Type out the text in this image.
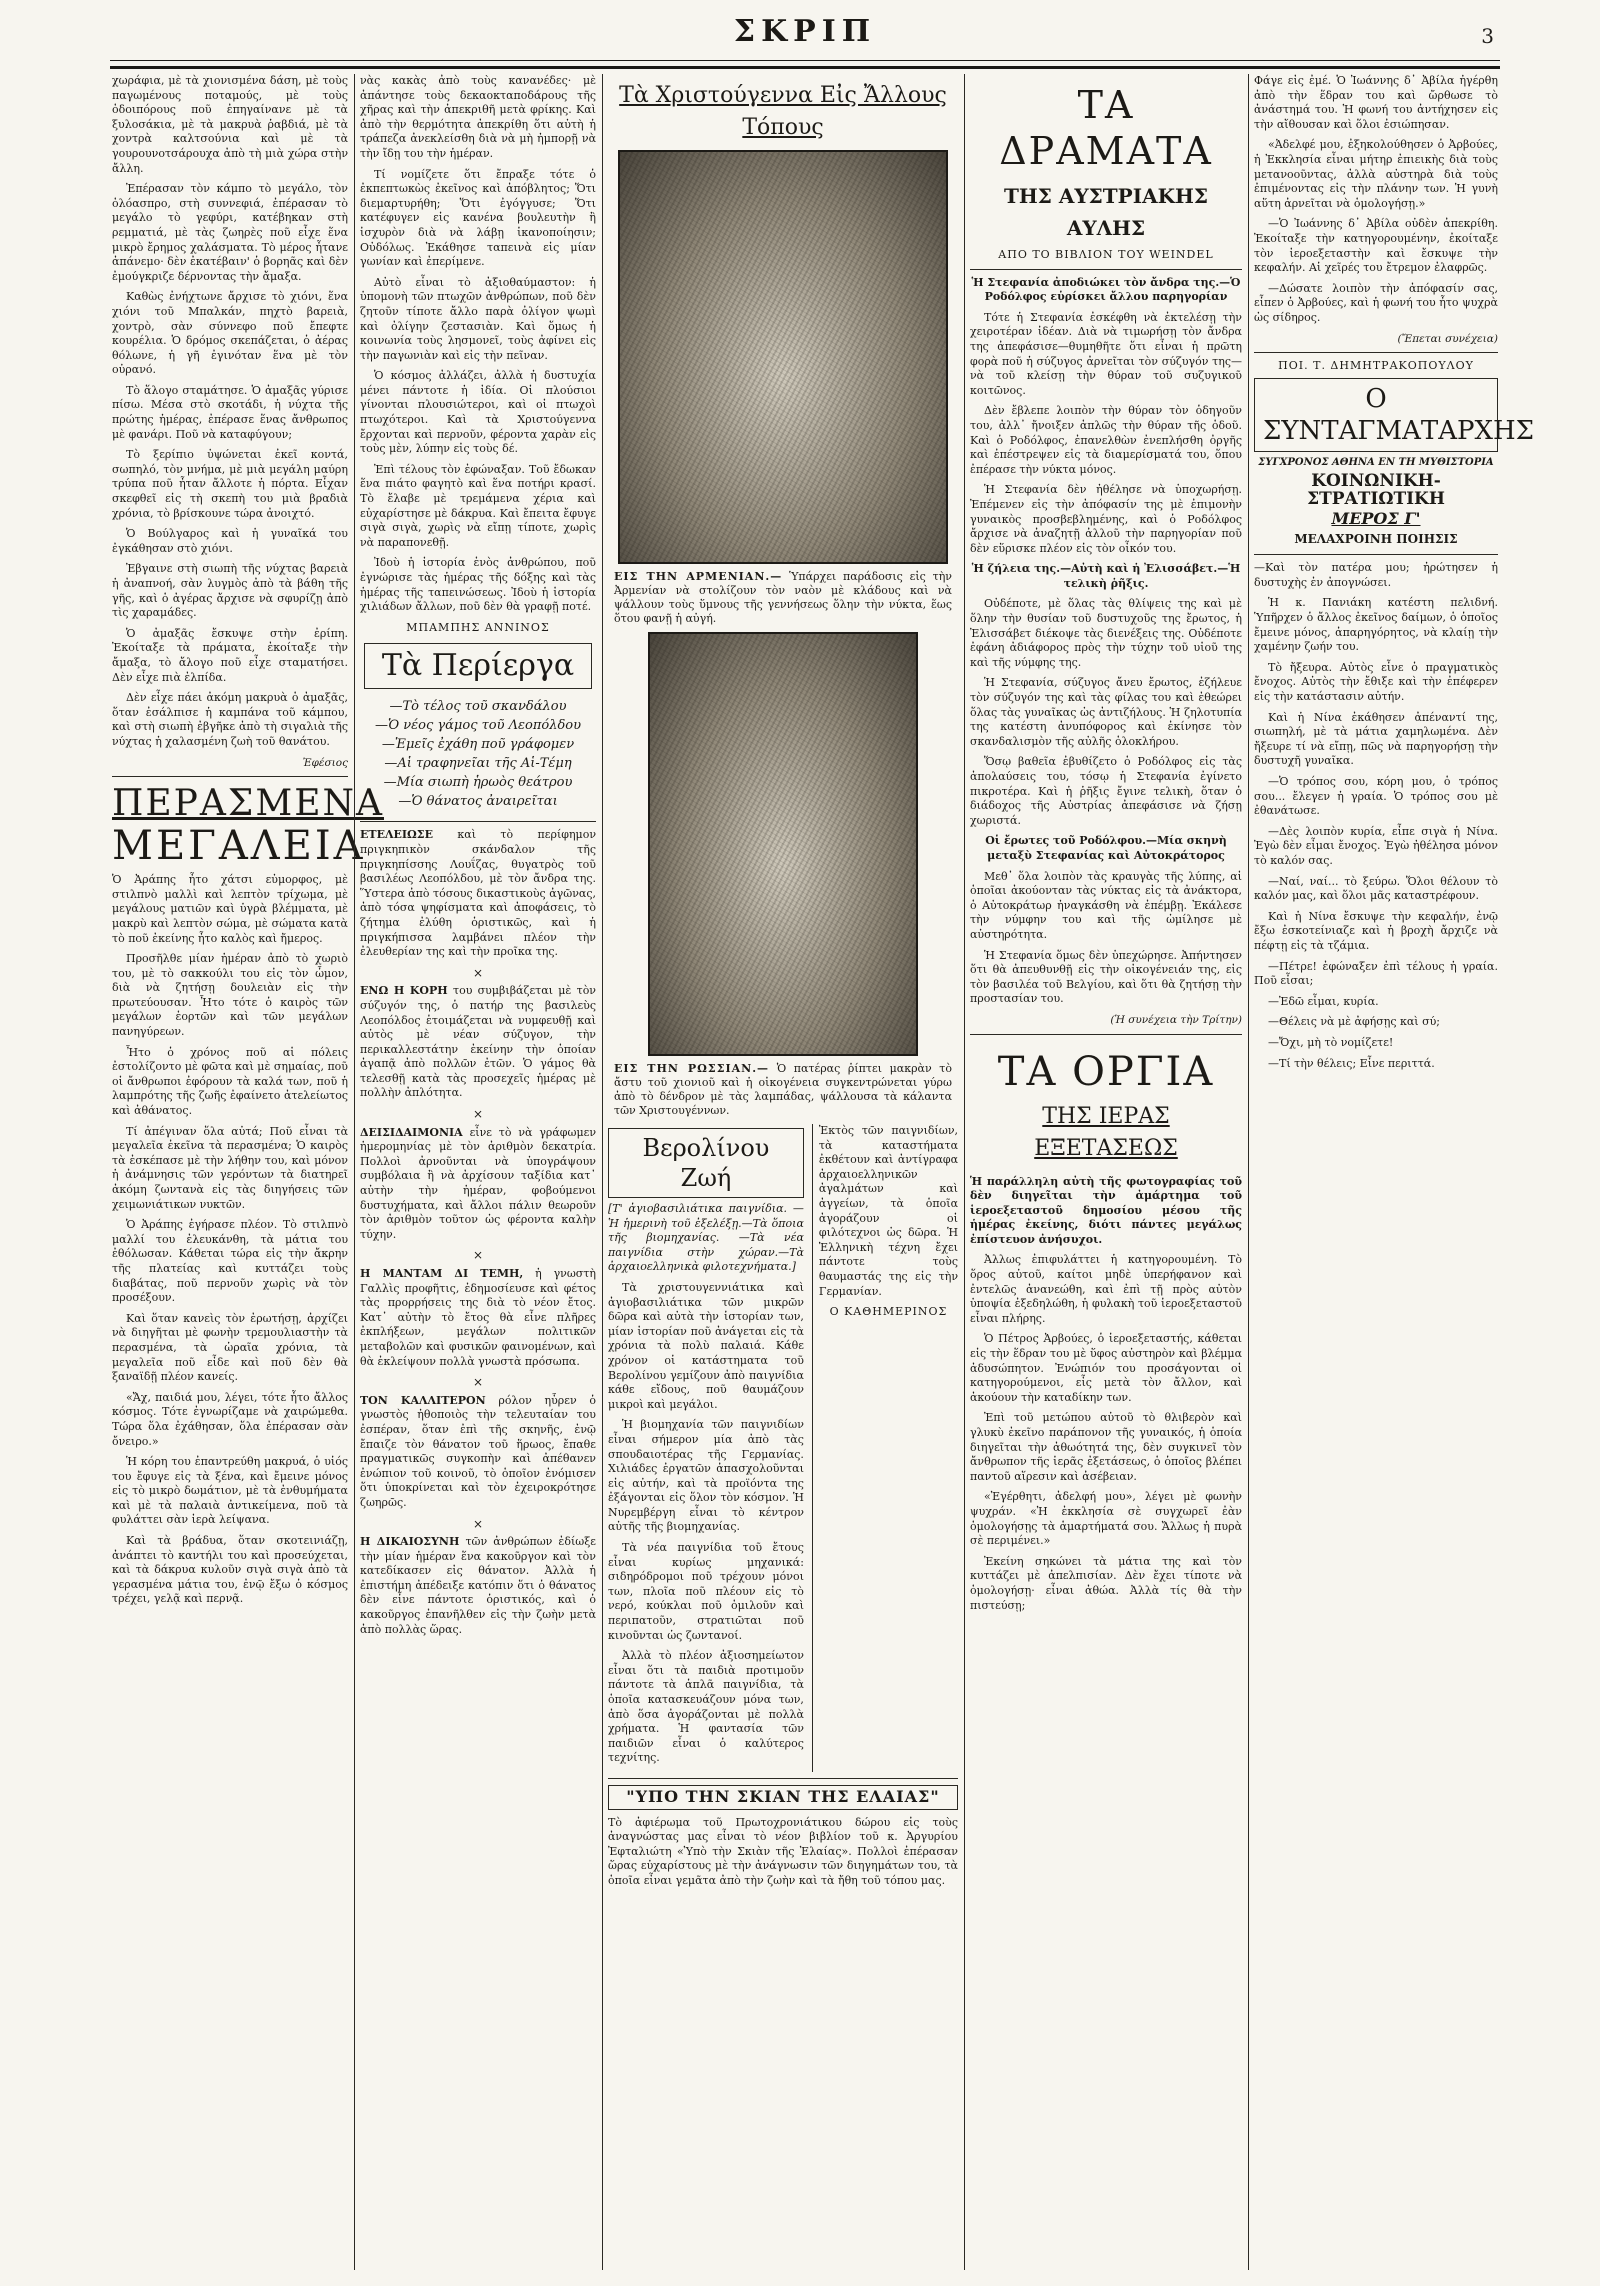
ΣΚΡΙΠ	3

χωράφια, μὲ τὰ χιονισμένα δάση, μὲ τοὺς παγωμένους ποταμούς, μὲ τοὺς ὁδοιπόρους ποῦ ἐπηγαίνανε μὲ τὰ ξυλοσάκια, μὲ τὰ μακρυὰ ῥαβδιά, μὲ τὰ χοντρὰ καλτσούνια καὶ μὲ τὰ γουρουνοτσάρουχα ἀπὸ τὴ μιὰ χώρα στὴν ἄλλη.

Ἐπέρασαν τὸν κάμπο τὸ μεγάλο, τὸν ὁλόασπρο, στὴ συννεφιά, ἐπέρασαν τὸ μεγάλο τὸ γεφύρι, κατέβηκαν στὴ ρεμματιά, μὲ τὰς ζωηρὲς ποῦ εἶχε ἕνα μικρὸ ἔρημος χαλάσματα. Τὸ μέρος ἦτανε ἀπάνεμο· δὲν ἐκατέβαιν' ὁ βορηᾶς καὶ δὲν ἐμούγκριζε δέρνοντας τὴν ἄμαξα.

Καθὼς ἐνήχτωνε ἄρχισε τὸ χιόνι, ἕνα χιόνι τοῦ Μπαλκάν, πηχτὸ βαρειὰ, χοντρὸ, σὰν σύννεφο ποῦ ἔπεφτε κουρέλια. Ὁ δρόμος σκεπάζεται, ὁ ἀέρας θόλωνε, ἡ γῆ ἐγινόταν ἕνα μὲ τὸν οὐρανό.

Τὸ ἅλογο σταμάτησε. Ὁ ἀμαξᾶς γύρισε πίσω. Μέσα στὸ σκοτάδι, ἡ νύχτα τῆς πρώτης ἡμέρας, ἐπέρασε ἕνας ἄνθρωπος μὲ φανάρι. Ποῦ νὰ καταφύγουν;

Τὸ ξερίπιο ὑψώνεται ἐκεῖ κοντά, σωπηλό, τὸν μνήμα, μὲ μιὰ μεγάλη μαύρη τρύπα ποῦ ἦταν ἄλλοτε ἡ πόρτα. Εἶχαν σκεφθεῖ εἰς τὴ σκεπὴ του μιὰ βραδιὰ χρόνια, τὸ βρίσκουνε τώρα ἀνοιχτό.

Ὁ Βούλγαρος καὶ ἡ γυναῖκά του ἐγκάθησαν στὸ χιόνι.

Ἐβγαινε στὴ σιωπὴ τῆς νύχτας βαρειὰ ἡ ἀναπνοή, σὰν λυγμὸς ἀπὸ τὰ βάθη τῆς γῆς, καὶ ὁ ἀγέρας ἄρχισε νὰ σφυρίζῃ ἀπὸ τὶς χαραμάδες.

Ὁ ἀμαξᾶς ἔσκυψε στὴν ἐρίπη. Ἐκοίταξε τὰ πράματα, ἐκοίταξε τὴν ἄμαξα, τὸ ἄλογο ποῦ εἶχε σταματήσει. Δὲν εἶχε πιὰ ἐλπίδα.

Δὲν εἶχε πάει ἀκόμη μακρυὰ ὁ ἀμαξᾶς, ὅταν ἐσάλπισε ἡ καμπάνα τοῦ κάμπου, καὶ στὴ σιωπὴ ἐβγῆκε ἀπὸ τὴ σιγαλιὰ τῆς νύχτας ἡ χαλασμένη ζωὴ τοῦ θανάτου.

Ἐφέσιος
ΠΕΡΑΣΜΕΝΑ
ΜΕΓΑΛΕΙΑ

Ὁ Ἀράπης ἦτο χάτσι εὐμορφος, μὲ στιλπνὸ μαλλὶ καὶ λεπτὸν τρίχωμα, μὲ μεγάλους ματιῶν καὶ ὑγρὰ βλέμματα, μὲ μακρὺ καὶ λεπτὸν σώμα, μὲ σώματα κατὰ τὸ ποῦ ἐκείνης ἦτο καλὸς καὶ ἤμερος.

Προσῆλθε μίαν ἡμέραν ἀπὸ τὸ χωριὸ του, μὲ τὸ σακκούλι του εἰς τὸν ὦμον, διὰ νὰ ζητήσῃ δουλειὰν εἰς τὴν πρωτεύουσαν. Ἦτο τότε ὁ καιρὸς τῶν μεγάλων ἑορτῶν καὶ τῶν μεγάλων πανηγύρεων.

Ἦτο ὁ χρόνος ποῦ αἱ πόλεις ἐστολίζοντο μὲ φῶτα καὶ μὲ σημαίας, ποῦ οἱ ἄνθρωποι ἐφόρουν τὰ καλά των, ποῦ ἡ λαμπρότης τῆς ζωῆς ἐφαίνετο ἀτελείωτος καὶ ἀθάνατος.

Τί ἀπέγιναν ὅλα αὐτά; Ποῦ εἶναι τὰ μεγαλεῖα ἐκεῖνα τὰ περασμένα; Ὁ καιρὸς τὰ ἐσκέπασε μὲ τὴν λήθην του, καὶ μόνον ἡ ἀνάμνησις τῶν γερόντων τὰ διατηρεῖ ἀκόμη ζωντανὰ εἰς τὰς διηγήσεις τῶν χειμωνιάτικων νυκτῶν.

Ὁ Ἀράπης ἐγήρασε πλέον. Τὸ στιλπνὸ μαλλί του ἐλευκάνθη, τὰ μάτια του ἐθόλωσαν. Κάθεται τώρα εἰς τὴν ἄκρην τῆς πλατείας καὶ κυττάζει τοὺς διαβάτας, ποῦ περνοῦν χωρὶς νὰ τὸν προσέξουν.

Καὶ ὅταν κανεὶς τὸν ἐρωτήσῃ, ἀρχίζει νὰ διηγῆται μὲ φωνὴν τρεμουλιαστὴν τὰ περασμένα, τὰ ὡραῖα χρόνια, τὰ μεγαλεῖα ποῦ εἶδε καὶ ποῦ δὲν θὰ ξαναϊδῇ πλέον κανείς.

«Ἄχ, παιδιά μου, λέγει, τότε ἦτο ἄλλος κόσμος. Τότε ἐγνωρίζαμε νὰ χαιρώμεθα. Τώρα ὅλα ἐχάθησαν, ὅλα ἐπέρασαν σὰν ὄνειρο.»

Ἡ κόρη του ἐπαντρεύθη μακρυά, ὁ υἱός του ἔφυγε εἰς τὰ ξένα, καὶ ἔμεινε μόνος εἰς τὸ μικρὸ δωμάτιον, μὲ τὰ ἐνθυμήματα καὶ μὲ τὰ παλαιὰ ἀντικείμενα, ποῦ τὰ φυλάττει σὰν ἱερὰ λείψανα.

Καὶ τὰ βράδυα, ὅταν σκοτεινιάζῃ, ἀνάπτει τὸ καντήλι του καὶ προσεύχεται, καὶ τὰ δάκρυα κυλοῦν σιγὰ σιγὰ ἀπὸ τὰ γερασμένα μάτια του, ἐνῷ ἔξω ὁ κόσμος τρέχει, γελᾷ καὶ περνᾷ.

νὰς κακὰς ἀπὸ τοὺς κανανέδες· μὲ ἀπάντησε τοὺς δεκαοκταποδάρους τῆς χῆρας καὶ τὴν ἀπεκριθῆ μετὰ φρίκης. Καὶ ἀπὸ τὴν θερμότητα ἀπεκρίθη ὅτι αὐτὴ ἡ τράπεζα ἀνεκλείσθη διὰ νὰ μὴ ἠμπορῇ νὰ τὴν ἴδῃ του τὴν ἡμέραν.

Τί νομίζετε ὅτι ἔπραξε τότε ὁ ἐκπεπτωκὼς ἐκεῖνος καὶ ἀπόβλητος; Ὅτι διεμαρτυρήθη; Ὅτι ἐγόγγυσε; Ὅτι κατέφυγεν εἰς κανένα βουλευτὴν ἢ ἰσχυρὸν διὰ νὰ λάβῃ ἱκανοποίησιν; Οὐδόλως. Ἐκάθησε ταπεινὰ εἰς μίαν γωνίαν καὶ ἐπερίμενε.

Αὐτὸ εἶναι τὸ ἀξιοθαύμαστον: ἡ ὑπομονὴ τῶν πτωχῶν ἀνθρώπων, ποῦ δὲν ζητοῦν τίποτε ἄλλο παρὰ ὀλίγον ψωμὶ καὶ ὀλίγην ζεστασιὰν. Καὶ ὅμως ἡ κοινωνία τοὺς λησμονεῖ, τοὺς ἀφίνει εἰς τὴν παγωνιὰν καὶ εἰς τὴν πεῖναν.

Ὁ κόσμος ἀλλάζει, ἀλλὰ ἡ δυστυχία μένει πάντοτε ἡ ἰδία. Οἱ πλούσιοι γίνονται πλουσιώτεροι, καὶ οἱ πτωχοὶ πτωχότεροι. Καὶ τὰ Χριστούγεννα ἔρχονται καὶ περνοῦν, φέροντα χαρὰν εἰς τοὺς μὲν, λύπην εἰς τοὺς δέ.

Ἐπὶ τέλους τὸν ἐφώναξαν. Τοῦ ἔδωκαν ἕνα πιάτο φαγητὸ καὶ ἕνα ποτήρι κρασί. Τὸ ἔλαβε μὲ τρεμάμενα χέρια καὶ εὐχαρίστησε μὲ δάκρυα. Καὶ ἔπειτα ἔφυγε σιγὰ σιγὰ, χωρὶς νὰ εἴπῃ τίποτε, χωρὶς νὰ παραπονεθῇ.

Ἰδοὺ ἡ ἱστορία ἑνὸς ἀνθρώπου, ποῦ ἐγνώρισε τὰς ἡμέρας τῆς δόξης καὶ τὰς ἡμέρας τῆς ταπεινώσεως. Ἰδοὺ ἡ ἱστορία χιλιάδων ἄλλων, ποῦ δὲν θὰ γραφῇ ποτέ.

ΜΠΑΜΠΗΣ ΑΝΝΙΝΟΣ
Τὰ Περίεργα
—Τὸ τέλος τοῦ σκανδάλου
—Ὁ νέος γάμος τοῦ Λεοπόλδου
—Ἐμεῖς ἐχάθη ποῦ γράφομεν
—Αἱ τραφηνεῖαι τῆς Αἱ-Τέμη
—Μία σιωπὴ ἡρωὸς θεάτρου
—Ὁ θάνατος ἀναιρεῖται

ΕΤΕΛΕΙΩΣΕ καὶ τὸ περίφημον πριγκηπικὸν σκάνδαλον τῆς πριγκηπίσσης Λουΐζας, θυγατρὸς τοῦ βασιλέως Λεοπόλδου, μὲ τὸν ἄνδρα της. Ὕστερα ἀπὸ τόσους δικαστικοὺς ἀγῶνας, ἀπὸ τόσα ψηφίσματα καὶ ἀποφάσεις, τὸ ζήτημα ἐλύθη ὁριστικῶς, καὶ ἡ πριγκήπισσα λαμβάνει πλέον τὴν ἐλευθερίαν της καὶ τὴν προῖκα της.

×

ΕΝΩ Η ΚΟΡΗ του συμβιβάζεται μὲ τὸν σύζυγόν της, ὁ πατήρ της βασιλεὺς Λεοπόλδος ἑτοιμάζεται νὰ νυμφευθῇ καὶ αὐτὸς μὲ νέαν σύζυγον, τὴν περικαλλεστάτην ἐκείνην τὴν ὁποίαν ἀγαπᾷ ἀπὸ πολλῶν ἐτῶν. Ὁ γάμος θὰ τελεσθῇ κατὰ τὰς προσεχεῖς ἡμέρας μὲ πολλὴν ἀπλότητα.

×

ΔΕΙΣΙΔΑΙΜΟΝΙΑ εἶνε τὸ νὰ γράφωμεν ἡμερομηνίας μὲ τὸν ἀριθμὸν δεκατρία. Πολλοὶ ἀρνοῦνται νὰ ὑπογράψουν συμβόλαια ἢ νὰ ἀρχίσουν ταξίδια κατ᾽ αὐτὴν τὴν ἡμέραν, φοβούμενοι δυστυχήματα, καὶ ἄλλοι πάλιν θεωροῦν τὸν ἀριθμὸν τοῦτον ὡς φέροντα καλὴν τύχην.

×

Η ΜΑΝΤΑΜ ΔΙ ΤΕΜΗ, ἡ γνωστὴ Γαλλὶς προφῆτις, ἐδημοσίευσε καὶ φέτος τὰς προρρήσεις της διὰ τὸ νέον ἔτος. Κατ᾽ αὐτὴν τὸ ἔτος θὰ εἶνε πλῆρες ἐκπλήξεων, μεγάλων πολιτικῶν μεταβολῶν καὶ φυσικῶν φαινομένων, καὶ θὰ ἐκλείψουν πολλὰ γνωστὰ πρόσωπα.

×

ΤΟΝ ΚΑΛΛΙΤΕΡΟΝ ρόλον ηὗρεν ὁ γνωστὸς ἠθοποιὸς τὴν τελευταίαν του ἐσπέραν, ὅταν ἐπὶ τῆς σκηνῆς, ἐνῷ ἔπαιζε τὸν θάνατον τοῦ ἥρωος, ἔπαθε πραγματικῶς συγκοπὴν καὶ ἀπέθανεν ἐνώπιον τοῦ κοινοῦ, τὸ ὁποῖον ἐνόμισεν ὅτι ὑποκρίνεται καὶ τὸν ἐχειροκρότησε ζωηρῶς.

×

Η ΔΙΚΑΙΟΣΥΝΗ τῶν ἀνθρώπων ἐδίωξε τὴν μίαν ἡμέραν ἕνα κακοῦργον καὶ τὸν κατεδίκασεν εἰς θάνατον. Ἀλλὰ ἡ ἐπιστήμη ἀπέδειξε κατόπιν ὅτι ὁ θάνατος δὲν εἶνε πάντοτε ὁριστικός, καὶ ὁ κακοῦργος ἐπανῆλθεν εἰς τὴν ζωὴν μετὰ ἀπὸ πολλὰς ὥρας.

Τὰ Χριστούγεννα Εἰς Ἄλλους Τόπους
ΕΙΣ ΤΗΝ ΑΡΜΕΝΙΑΝ.— Ὑπάρχει παράδοσις εἰς τὴν Ἀρμενίαν νὰ στολίζουν τὸν ναὸν μὲ κλάδους καὶ νὰ ψάλλουν τοὺς ὕμνους τῆς γεννήσεως ὅλην τὴν νύκτα, ἕως ὅτου φανῇ ἡ αὐγή.
ΕΙΣ ΤΗΝ ΡΩΣΣΙΑΝ.— Ὁ πατέρας ῥίπτει μακρὰν τὸ ἄστυ τοῦ χιονιοῦ καὶ ἡ οἰκογένεια συγκεντρώνεται γύρω ἀπὸ τὸ δένδρον μὲ τὰς λαμπάδας, ψάλλουσα τὰ κάλαντα τῶν Χριστουγέννων.
Βερολίνου Ζωή

[Τ' ἀγιοβασιλιάτικα παιγνίδια. —Ἡ ἡμερινὴ τοῦ ἐξελέξῃ.—Τὰ ὅποια τῆς βιομηχανίας. —Τὰ νέα παιγνίδια στὴν χώραν.—Τὰ ἀρχαιοελληνικὰ φιλοτεχνήματα.]

Τὰ χριστουγεννιάτικα καὶ ἀγιοβασιλιάτικα τῶν μικρῶν δῶρα καὶ αὐτὰ τὴν ἱστορίαν των, μίαν ἱστορίαν ποῦ ἀνάγεται εἰς τὰ χρόνια τὰ πολὺ παλαιά. Κάθε χρόνον οἱ κατάστηματα τοῦ Βερολίνου γεμίζουν ἀπὸ παιγνίδια κάθε εἴδους, ποῦ θαυμάζουν μικροὶ καὶ μεγάλοι.

Ἡ βιομηχανία τῶν παιγνιδίων εἶναι σήμερον μία ἀπὸ τὰς σπουδαιοτέρας τῆς Γερμανίας. Χιλιάδες ἐργατῶν ἀπασχολοῦνται εἰς αὐτήν, καὶ τὰ προϊόντα της ἐξάγονται εἰς ὅλον τὸν κόσμον. Ἡ Νυρεμβέργη εἶναι τὸ κέντρον αὐτῆς τῆς βιομηχανίας.

Τὰ νέα παιγνίδια τοῦ ἔτους εἶναι κυρίως μηχανικά: σιδηρόδρομοι ποῦ τρέχουν μόνοι των, πλοῖα ποῦ πλέουν εἰς τὸ νερό, κούκλαι ποῦ ὁμιλοῦν καὶ περιπατοῦν, στρατιῶται ποῦ κινοῦνται ὡς ζωντανοί.

Ἀλλὰ τὸ πλέον ἀξιοσημείωτον εἶναι ὅτι τὰ παιδιὰ προτιμοῦν πάντοτε τὰ ἁπλᾶ παιγνίδια, τὰ ὁποῖα κατασκευάζουν μόνα των, ἀπὸ ὅσα ἀγοράζονται μὲ πολλὰ χρήματα. Ἡ φαντασία τῶν παιδιῶν εἶναι ὁ καλύτερος τεχνίτης.

Ἐκτὸς τῶν παιγνιδίων, τὰ καταστήματα ἐκθέτουν καὶ ἀντίγραφα ἀρχαιοελληνικῶν ἀγαλμάτων καὶ ἀγγείων, τὰ ὁποῖα ἀγοράζουν οἱ φιλότεχνοι ὡς δῶρα. Ἡ Ἑλληνικὴ τέχνη ἔχει πάντοτε τοὺς θαυμαστάς της εἰς τὴν Γερμανίαν.

Ο ΚΑΘΗΜΕΡΙΝΟΣ
"ΥΠΟ ΤΗΝ ΣΚΙΑΝ ΤΗΣ ΕΛΑΙΑΣ"

Τὸ ἀφιέρωμα τοῦ Πρωτοχρονιάτικου δώρου εἰς τοὺς ἀναγνώστας μας εἶναι τὸ νέον βιβλίον τοῦ κ. Ἀργυρίου Ἐφταλιώτη «Ὑπὸ τὴν Σκιὰν τῆς Ἐλαίας». Πολλοὶ ἐπέρασαν ὥρας εὐχαρίστους μὲ τὴν ἀνάγνωσιν τῶν διηγημάτων του, τὰ ὁποῖα εἶναι γεμᾶτα ἀπὸ τὴν ζωὴν καὶ τὰ ἤθη τοῦ τόπου μας.

ΤΑ ΔΡΑΜΑΤΑ
ΤΗΣ ΑΥΣΤΡΙΑΚΗΣ ΑΥΛΗΣ
ΑΠΟ ΤΟ ΒΙΒΛΙΟΝ ΤΟΥ WEINDEL

Ἡ Στεφανία ἀποδιώκει τὸν ἄνδρα της.—Ὁ Ροδόλφος εὑρίσκει ἄλλου παρηγορίαν

Τότε ἡ Στεφανία ἐσκέφθη νὰ ἐκτελέσῃ τὴν χειροτέραν ἰδέαν. Διὰ νὰ τιμωρήσῃ τὸν ἄνδρα της ἀπεφάσισε—θυμηθῆτε ὅτι εἶναι ἡ πρῶτη φορὰ ποῦ ἡ σύζυγος ἀρνεῖται τὸν σύζυγόν της—νὰ τοῦ κλείσῃ τὴν θύραν τοῦ συζυγικοῦ κοιτῶνος.

Δὲν ἔβλεπε λοιπὸν τὴν θύραν τὸν ὁδηγοῦν του, ἀλλ᾽ ἤνοιξεν ἁπλῶς τὴν θύραν τῆς ὁδοῦ. Καὶ ὁ Ροδόλφος, ἐπανελθὼν ἐνεπλήσθη ὀργῆς καὶ ἐπέστρεψεν εἰς τὰ διαμερίσματά του, ὅπου ἐπέρασε τὴν νύκτα μόνος.

Ἡ Στεφανία δὲν ἠθέλησε νὰ ὑποχωρήσῃ. Ἐπέμενεν εἰς τὴν ἀπόφασίν της μὲ ἐπιμονὴν γυναικὸς προσβεβλημένης, καὶ ὁ Ροδόλφος ἄρχισε νὰ ἀναζητῇ ἀλλοῦ τὴν παρηγορίαν ποῦ δὲν εὕρισκε πλέον εἰς τὸν οἶκόν του.

Ἡ ζήλεια της.—Αὐτὴ καὶ ἡ Ἐλισσάβετ.—Ἡ τελικὴ ῥῆξις.

Οὐδέποτε, μὲ ὅλας τὰς θλίψεις της καὶ μὲ ὅλην τὴν θυσίαν τοῦ δυστυχοῦς της ἔρωτος, ἡ Ἐλισσάβετ διέκοψε τὰς διενέξεις της. Οὐδέποτε ἐφάνη ἀδιάφορος πρὸς τὴν τύχην τοῦ υἱοῦ της καὶ τῆς νύμφης της.

Ἡ Στεφανία, σύζυγος ἄνευ ἔρωτος, ἐζήλευε τὸν σύζυγόν της καὶ τὰς φίλας του καὶ ἐθεώρει ὅλας τὰς γυναῖκας ὡς ἀντιζήλους. Ἡ ζηλοτυπία της κατέστη ἀνυπόφορος καὶ ἐκίνησε τὸν σκανδαλισμὸν τῆς αὐλῆς ὁλοκλήρου.

Ὅσῳ βαθεῖα ἐβυθίζετο ὁ Ροδόλφος εἰς τὰς ἀπολαύσεις του, τόσῳ ἡ Στεφανία ἐγίνετο πικροτέρα. Καὶ ἡ ῥῆξις ἔγινε τελικὴ, ὅταν ὁ διάδοχος τῆς Αὐστρίας ἀπεφάσισε νὰ ζήσῃ χωριστά.

Οἱ ἔρωτες τοῦ Ροδόλφου.—Μία σκηνὴ μεταξὺ Στεφανίας καὶ Αὐτοκράτορος

Μεθ᾽ ὅλα λοιπὸν τὰς κραυγὰς τῆς λύπης, αἱ ὁποῖαι ἀκούονταν τὰς νύκτας εἰς τὰ ἀνάκτορα, ὁ Αὐτοκράτωρ ἠναγκάσθη νὰ ἐπέμβῃ. Ἐκάλεσε τὴν νύμφην του καὶ τῆς ὡμίλησε μὲ αὐστηρότητα.

Ἡ Στεφανία ὅμως δὲν ὑπεχώρησε. Ἀπήντησεν ὅτι θὰ ἀπευθυνθῇ εἰς τὴν οἰκογένειάν της, εἰς τὸν βασιλέα τοῦ Βελγίου, καὶ ὅτι θὰ ζητήσῃ τὴν προστασίαν του.

(Ἡ συνέχεια τὴν Τρίτην)
ΤΑ ΟΡΓΙΑ
ΤΗΣ ΙΕΡΑΣ ΕΞΕΤΑΣΕΩΣ

Ἡ παράλληλη αὐτὴ τῆς φωτογραφίας τοῦ δὲν διηγεῖται τὴν ἀμάρτημα τοῦ ἱεροεξεταστοῦ δημοσίου μέσου τῆς ἡμέρας ἐκείνης, διότι πάντες μεγάλως ἐπίστευον ἀνήσυχοι.

Ἀλλως ἐπιφυλάττει ἡ κατηγορουμένη. Τὸ ὅρος αὐτοῦ, καίτοι μηδὲ ὑπερήφανον καὶ ἐντελῶς ἀνανεώθη, καὶ ἐπὶ τῇ πρὸς αὐτὸν ὑποψία ἐξεδηλώθη, ἡ φυλακὴ τοῦ ἱεροεξεταστοῦ εἶναι πλήρης.

Ὁ Πέτρος Ἀρβούες, ὁ ἱεροεξεταστής, κάθεται εἰς τὴν ἕδραν του μὲ ὕφος αὐστηρὸν καὶ βλέμμα ἀδυσώπητον. Ἐνώπιόν του προσάγονται οἱ κατηγορούμενοι, εἷς μετὰ τὸν ἄλλον, καὶ ἀκούουν τὴν καταδίκην των.

Ἐπὶ τοῦ μετώπου αὐτοῦ τὸ θλιβερὸν καὶ γλυκὺ ἐκεῖνο παράπονον τῆς γυναικός, ἡ ὁποία διηγεῖται τὴν ἀθωότητά της, δὲν συγκινεῖ τὸν ἄνθρωπον τῆς ἱερᾶς ἐξετάσεως, ὁ ὁποῖος βλέπει παντοῦ αἵρεσιν καὶ ἀσέβειαν.

«Ἐγέρθητι, ἀδελφή μου», λέγει μὲ φωνὴν ψυχράν. «Ἡ ἐκκλησία σὲ συγχωρεῖ ἐὰν ὁμολογήσῃς τὰ ἁμαρτήματά σου. Ἄλλως ἡ πυρὰ σὲ περιμένει.»

Ἐκείνη σηκώνει τὰ μάτια της καὶ τὸν κυττάζει μὲ ἀπελπισίαν. Δὲν ἔχει τίποτε νὰ ὁμολογήσῃ· εἶναι ἀθώα. Ἀλλὰ τίς θὰ τὴν πιστεύσῃ;

Φάγε εἰς ἐμέ. Ὁ Ἰωάννης δ᾽ Ἀβίλα ἠγέρθη ἀπὸ τὴν ἕδραν του καὶ ὤρθωσε τὸ ἀνάστημά του. Ἡ φωνή του ἀντήχησεν εἰς τὴν αἴθουσαν καὶ ὅλοι ἐσιώπησαν.

«Ἀδελφέ μου, ἐξηκολούθησεν ὁ Ἀρβούες, ἡ Ἐκκλησία εἶναι μήτηρ ἐπιεικὴς διὰ τοὺς μετανοοῦντας, ἀλλὰ αὐστηρὰ διὰ τοὺς ἐπιμένοντας εἰς τὴν πλάνην των. Ἡ γυνὴ αὕτη ἀρνεῖται νὰ ὁμολογήσῃ.»

—Ὁ Ἰωάννης δ᾽ Ἀβίλα οὐδὲν ἀπεκρίθη. Ἐκοίταξε τὴν κατηγορουμένην, ἐκοίταξε τὸν ἱεροεξεταστὴν καὶ ἔσκυψε τὴν κεφαλήν. Αἱ χεῖρές του ἔτρεμον ἐλαφρῶς.

—Δώσατε λοιπὸν τὴν ἀπόφασίν σας, εἶπεν ὁ Ἀρβούες, καὶ ἡ φωνή του ἦτο ψυχρὰ ὡς σίδηρος.

(Ἔπεται συνέχεια)
ΠΟΙ. Τ. ΔΗΜΗΤΡΑΚΟΠΟΥΛΟΥ
Ο ΣΥΝΤΑΓΜΑΤΑΡΧΗΣ
ΣΥΓΧΡΟΝΟΣ ΑΘΗΝΑ ΕΝ ΤΗ ΜΥΘΙΣΤΟΡΙΑ
ΚΟΙΝΩΝΙΚΗ-ΣΤΡΑΤΙΩΤΙΚΗ
ΜΕΡΟΣ Γ'
ΜΕΛΑΧΡΟΙΝΗ ΠΟΙΗΣΙΣ

—Καὶ τὸν πατέρα μου; ἠρώτησεν ἡ δυστυχὴς ἐν ἀπογνώσει.

Ἡ κ. Πανιάκη κατέστη πελιδνή. Ὑπῆρχεν ὁ ἄλλος ἐκεῖνος δαίμων, ὁ ὁποῖος ἔμεινε μόνος, ἀπαρηγόρητος, νὰ κλαίῃ τὴν χαμένην ζωήν του.

Τὸ ἤξευρα. Αὐτὸς εἶνε ὁ πραγματικὸς ἔνοχος. Αὐτὸς τὴν ἔθιξε καὶ τὴν ἐπέφερεν εἰς τὴν κατάστασιν αὐτήν.

Καὶ ἡ Νίνα ἐκάθησεν ἀπέναντί της, σιωπηλή, μὲ τὰ μάτια χαμηλωμένα. Δὲν ἤξευρε τί νὰ εἴπῃ, πῶς νὰ παρηγορήσῃ τὴν δυστυχῆ γυναῖκα.

—Ὁ τρόπος σου, κόρη μου, ὁ τρόπος σου... ἔλεγεν ἡ γραία. Ὁ τρόπος σου μὲ ἐθανάτωσε.

—Δὲς λοιπὸν κυρία, εἶπε σιγὰ ἡ Νίνα. Ἐγὼ δὲν εἶμαι ἔνοχος. Ἐγὼ ἠθέλησα μόνον τὸ καλόν σας.

—Ναί, ναί... τὸ ξεύρω. Ὅλοι θέλουν τὸ καλόν μας, καὶ ὅλοι μᾶς καταστρέφουν.

Καὶ ἡ Νίνα ἔσκυψε τὴν κεφαλήν, ἐνῷ ἔξω ἐσκοτείνιαζε καὶ ἡ βροχὴ ἄρχιζε νὰ πέφτῃ εἰς τὰ τζάμια.

—Πέτρε! ἐφώναξεν ἐπὶ τέλους ἡ γραία. Ποῦ εἶσαι;

—Ἐδῶ εἶμαι, κυρία.

—Θέλεις νὰ μὲ ἀφήσῃς καὶ σύ;

—Ὄχι, μὴ τὸ νομίζετε!

—Τί τὴν θέλεις; Εἶνε περιττά.
